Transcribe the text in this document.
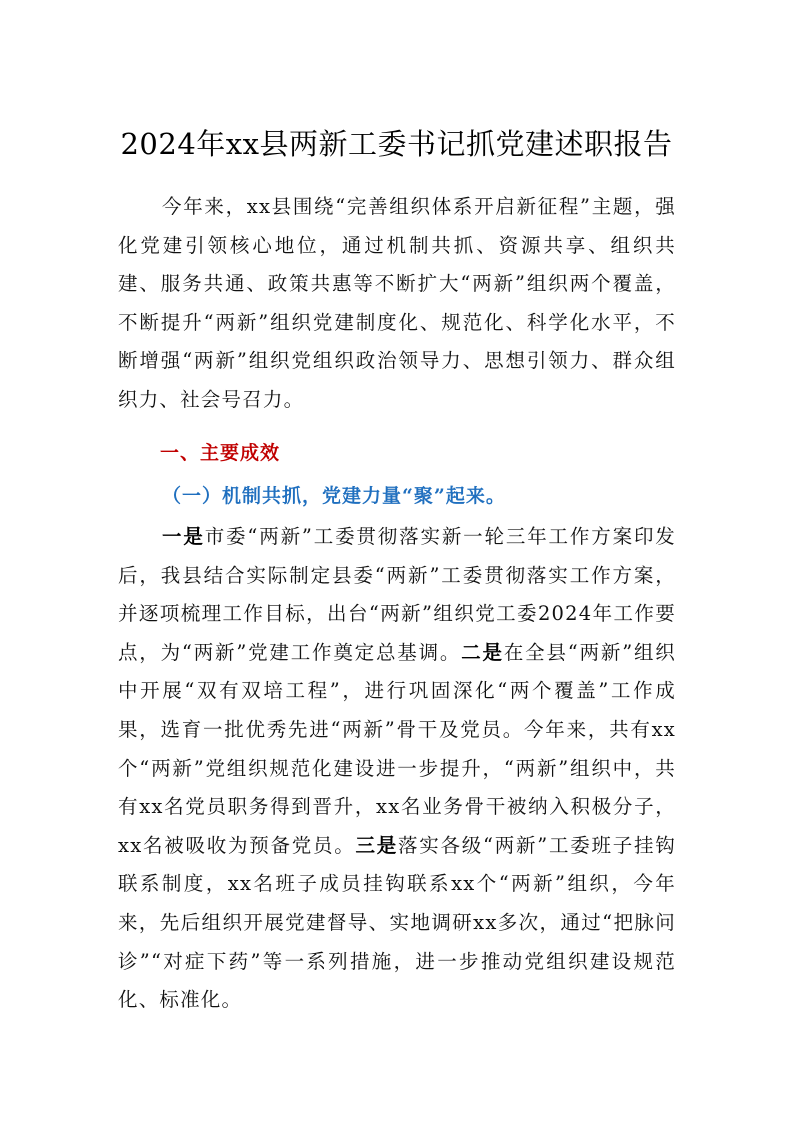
2024年xx县两新工委书记抓党建述职报告

今年来，xx县围绕“完善组织体系开启新征程”主题，强化党建引领核心地位，通过机制共抓、资源共享、组织共建、服务共通、政策共惠等不断扩大“两新”组织两个覆盖，不断提升“两新”组织党建制度化、规范化、科学化水平，不断增强“两新”组织党组织政治领导力、思想引领力、群众组织力、社会号召力。

一、主要成效
（一）机制共抓，党建力量“聚”起来。

一是市委“两新”工委贯彻落实新一轮三年工作方案印发后，我县结合实际制定县委“两新”工委贯彻落实工作方案，并逐项梳理工作目标，出台“两新”组织党工委2024年工作要点，为“两新”党建工作奠定总基调。二是在全县“两新”组织中开展“双有双培工程”，进行巩固深化“两个覆盖”工作成果，选育一批优秀先进“两新”骨干及党员。今年来，共有xx个“两新”党组织规范化建设进一步提升，“两新”组织中，共有xx名党员职务得到晋升，xx名业务骨干被纳入积极分子，xx名被吸收为预备党员。三是落实各级“两新”工委班子挂钩联系制度，xx名班子成员挂钩联系xx个“两新”组织，今年来，先后组织开展党建督导、实地调研xx多次，通过“把脉问诊”“对症下药”等一系列措施，进一步推动党组织建设规范化、标准化。
